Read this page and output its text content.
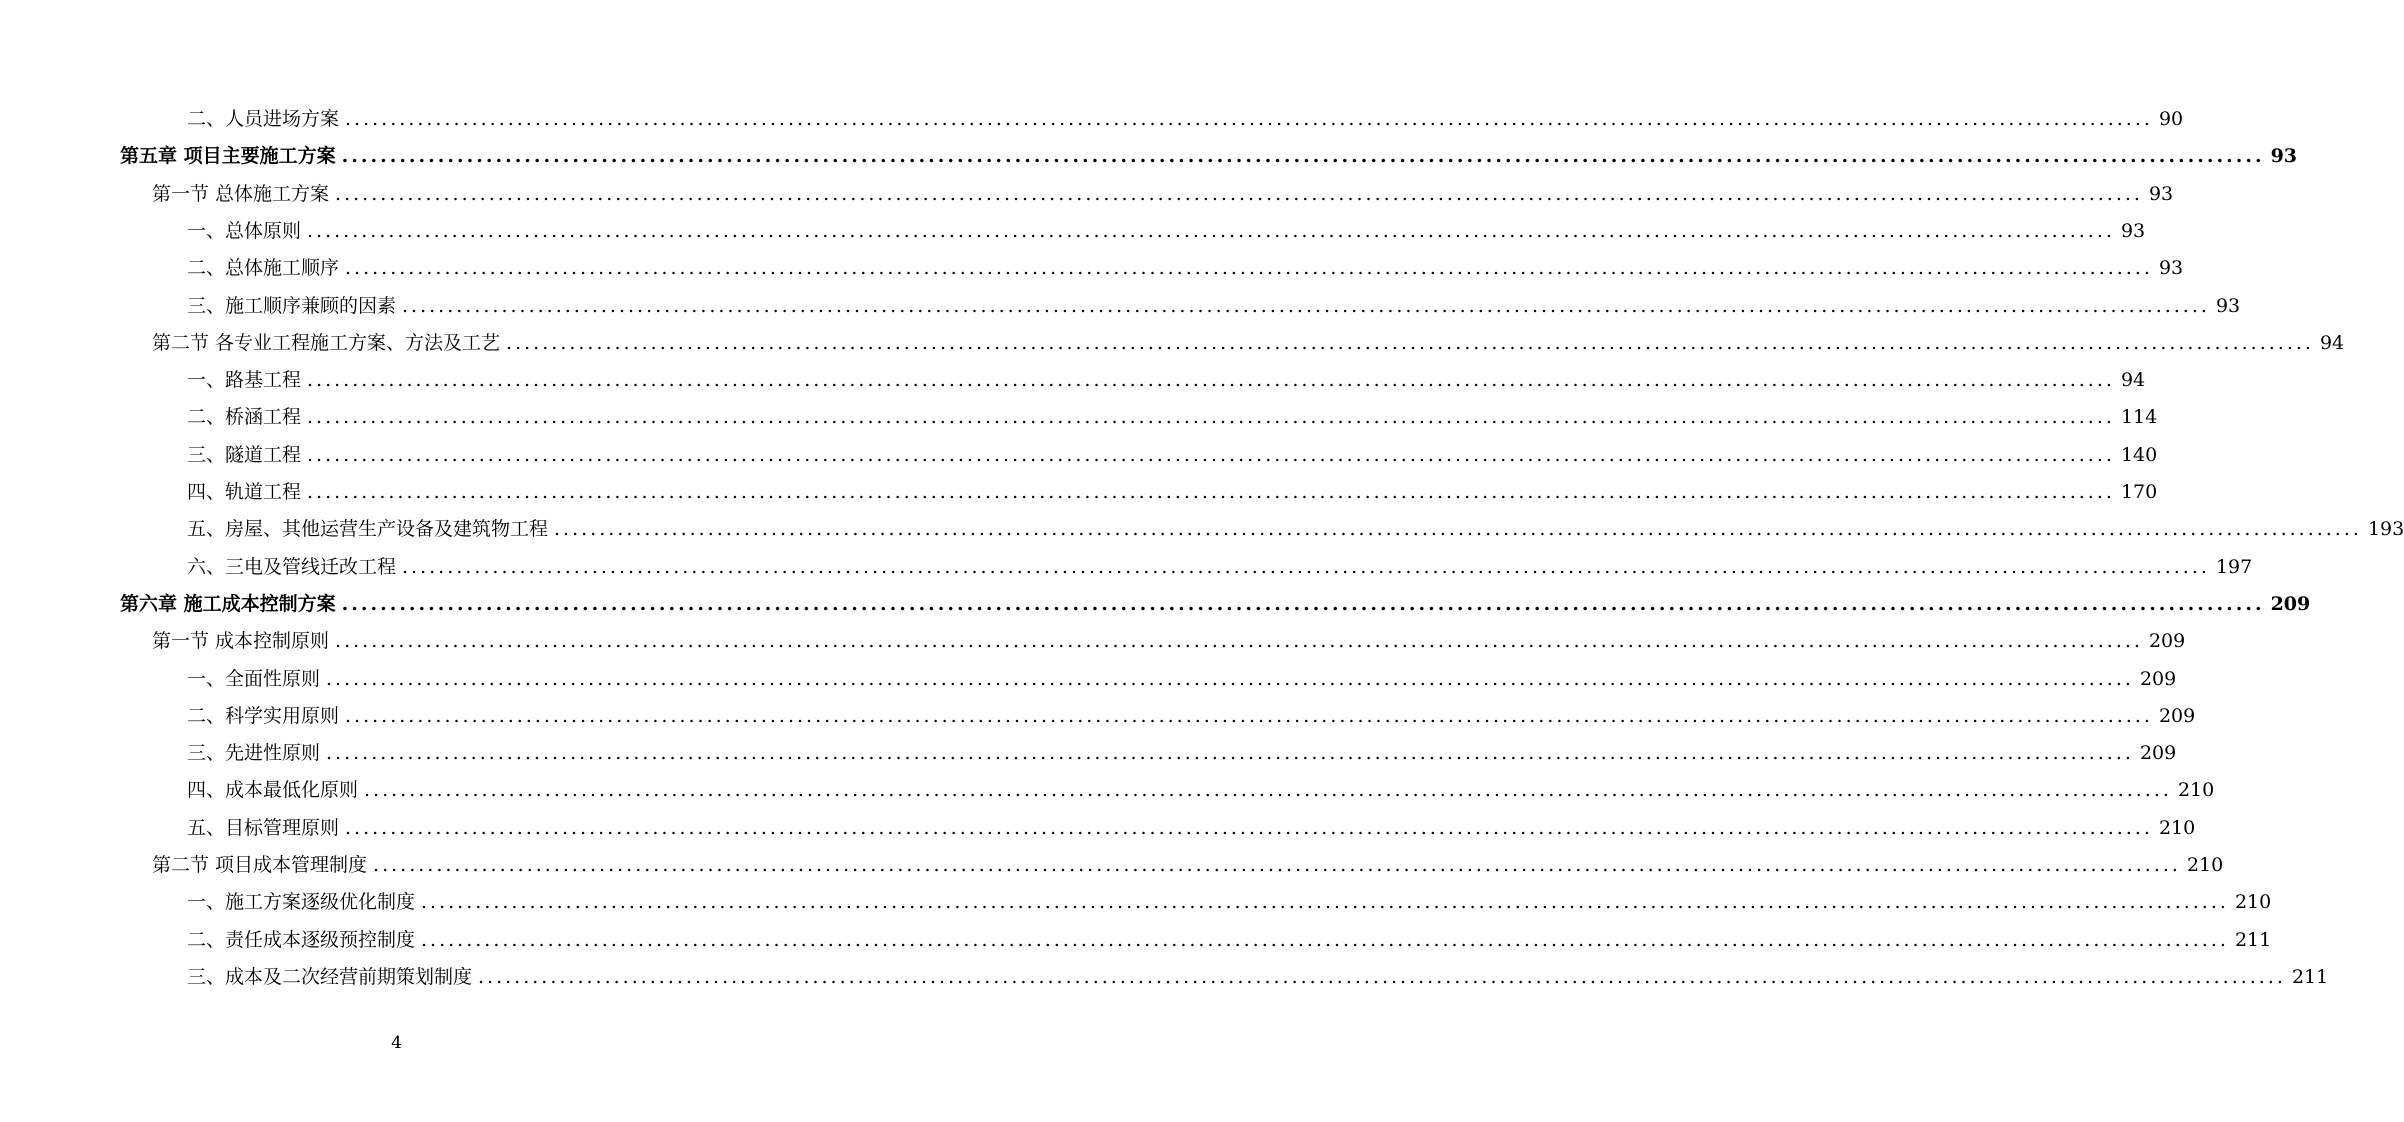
二、人员进场方案 ........................................................................................................................................................................................................ 90
第五章 项目主要施工方案 ........................................................................................................................................................................................................ 93
第一节 总体施工方案 ........................................................................................................................................................................................................ 93
一、总体原则 ........................................................................................................................................................................................................ 93
二、总体施工顺序 ........................................................................................................................................................................................................ 93
三、施工顺序兼顾的因素 ........................................................................................................................................................................................................ 93
第二节 各专业工程施工方案、方法及工艺 ........................................................................................................................................................................................................ 94
一、路基工程 ........................................................................................................................................................................................................ 94
二、桥涵工程 ........................................................................................................................................................................................................ 114
三、隧道工程 ........................................................................................................................................................................................................ 140
四、轨道工程 ........................................................................................................................................................................................................ 170
五、房屋、其他运营生产设备及建筑物工程 ........................................................................................................................................................................................................ 193
六、三电及管线迁改工程 ........................................................................................................................................................................................................ 197
第六章 施工成本控制方案 ........................................................................................................................................................................................................ 209
第一节 成本控制原则 ........................................................................................................................................................................................................ 209
一、全面性原则 ........................................................................................................................................................................................................ 209
二、科学实用原则 ........................................................................................................................................................................................................ 209
三、先进性原则 ........................................................................................................................................................................................................ 209
四、成本最低化原则 ........................................................................................................................................................................................................ 210
五、目标管理原则 ........................................................................................................................................................................................................ 210
第二节 项目成本管理制度 ........................................................................................................................................................................................................ 210
一、施工方案逐级优化制度 ........................................................................................................................................................................................................ 210
二、责任成本逐级预控制度 ........................................................................................................................................................................................................ 211
三、成本及二次经营前期策划制度 ........................................................................................................................................................................................................ 211
4
